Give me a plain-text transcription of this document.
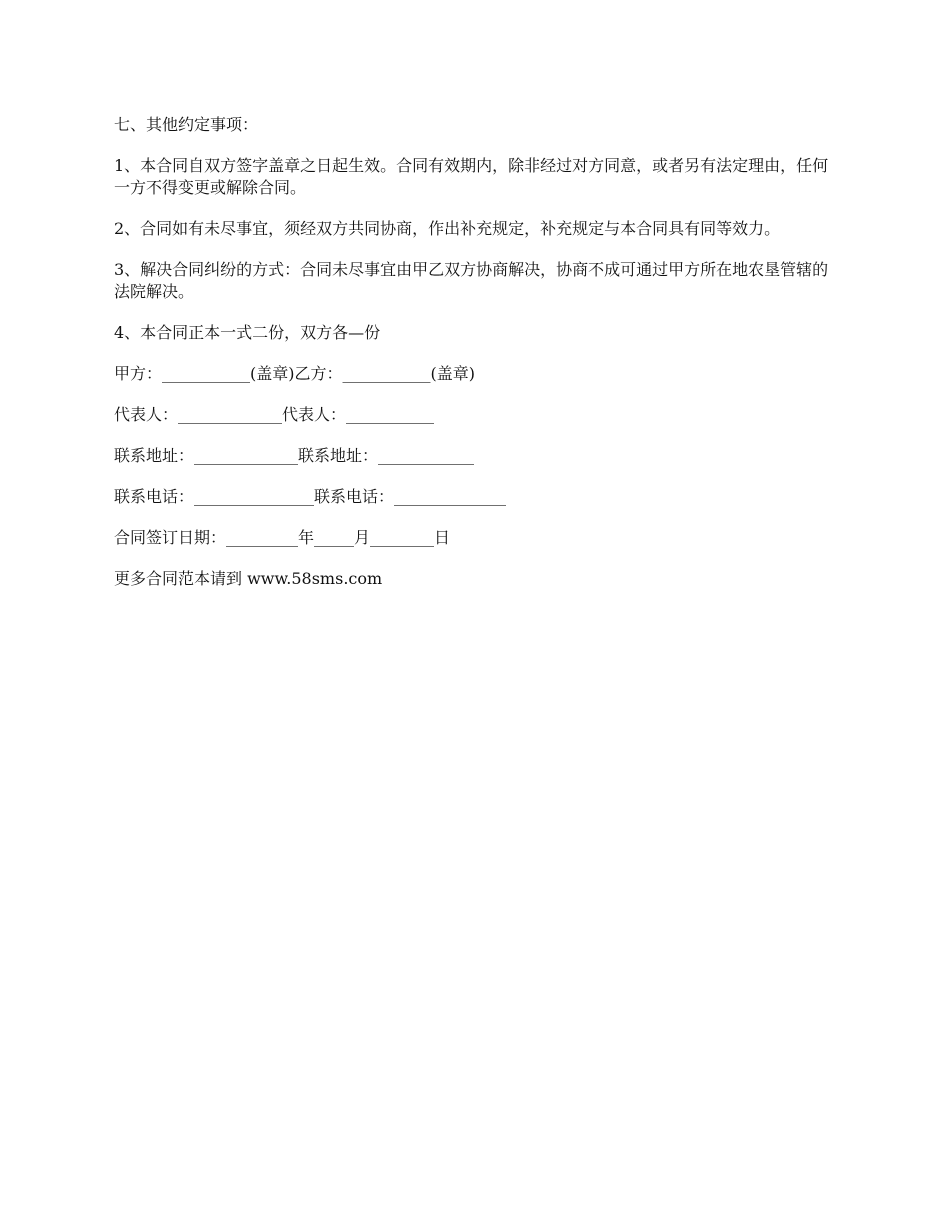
七、其他约定事项：

1、本合同自双方签字盖章之日起生效。合同有效期内，除非经过对方同意，或者另有法定理由，任何一方不得变更或解除合同。

2、合同如有未尽事宜，须经双方共同协商，作出补充规定，补充规定与本合同具有同等效力。

3、解决合同纠纷的方式：合同未尽事宜由甲乙双方协商解决，协商不成可通过甲方所在地农垦管辖的法院解决。

4、本合同正本一式二份，双方各—份

甲方：___________(盖章)乙方：___________(盖章)

代表人：_____________代表人：___________

联系地址：_____________联系地址：____________

联系电话：_______________联系电话：______________

合同签订日期：_________年_____月________日

更多合同范本请到 www.58sms.com
